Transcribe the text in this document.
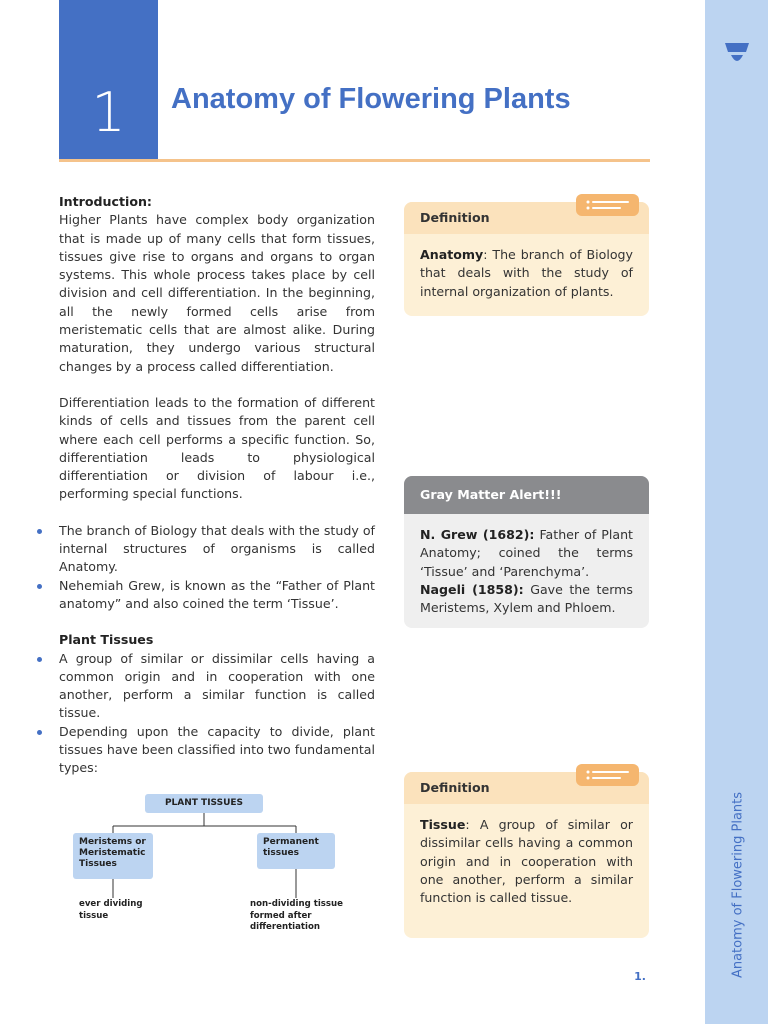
Anatomy of Flowering Plants
1	Anatomy of Flowering Plants

Introduction:

Higher Plants have complex body organization that is made up of many cells that form tissues, tissues give rise to organs and organs to organ systems. This whole process takes place by cell division and cell differentiation. In the beginning, all the newly formed cells arise from meristematic cells that are almost alike. During maturation, they undergo various structural changes by a process called differentiation.

Differentiation leads to the formation of different kinds of cells and tissues from the parent cell where each cell performs a specific function. So, differentiation leads to physiological differentiation or division of labour i.e., performing special functions.

The branch of Biology that deals with the study of internal structures of organisms is called Anatomy.
Nehemiah Grew, is known as the “Father of Plant anatomy” and also coined the term ‘Tissue’.

Plant Tissues

A group of similar or dissimilar cells having a common origin and in cooperation with one another, perform a similar function is called tissue.
Depending upon the capacity to divide, plant tissues have been classified into two fundamental types:
PLANT TISSUES
Meristems or Meristematic Tissues
Permanent tissues
ever dividing tissue
non-dividing tissue formed after differentiation
Definition
Anatomy: The branch of Biology that deals with the study of internal organization of plants.
Gray Matter Alert!!!
N. Grew (1682): Father of Plant Anatomy; coined the terms ‘Tissue’ and ‘Parenchyma’.
Nageli (1858): Gave the terms Meristems, Xylem and Phloem.
Definition
Tissue: A group of similar or dissimilar cells having a common origin and in cooperation with one another, perform a similar function is called tissue.
1.
